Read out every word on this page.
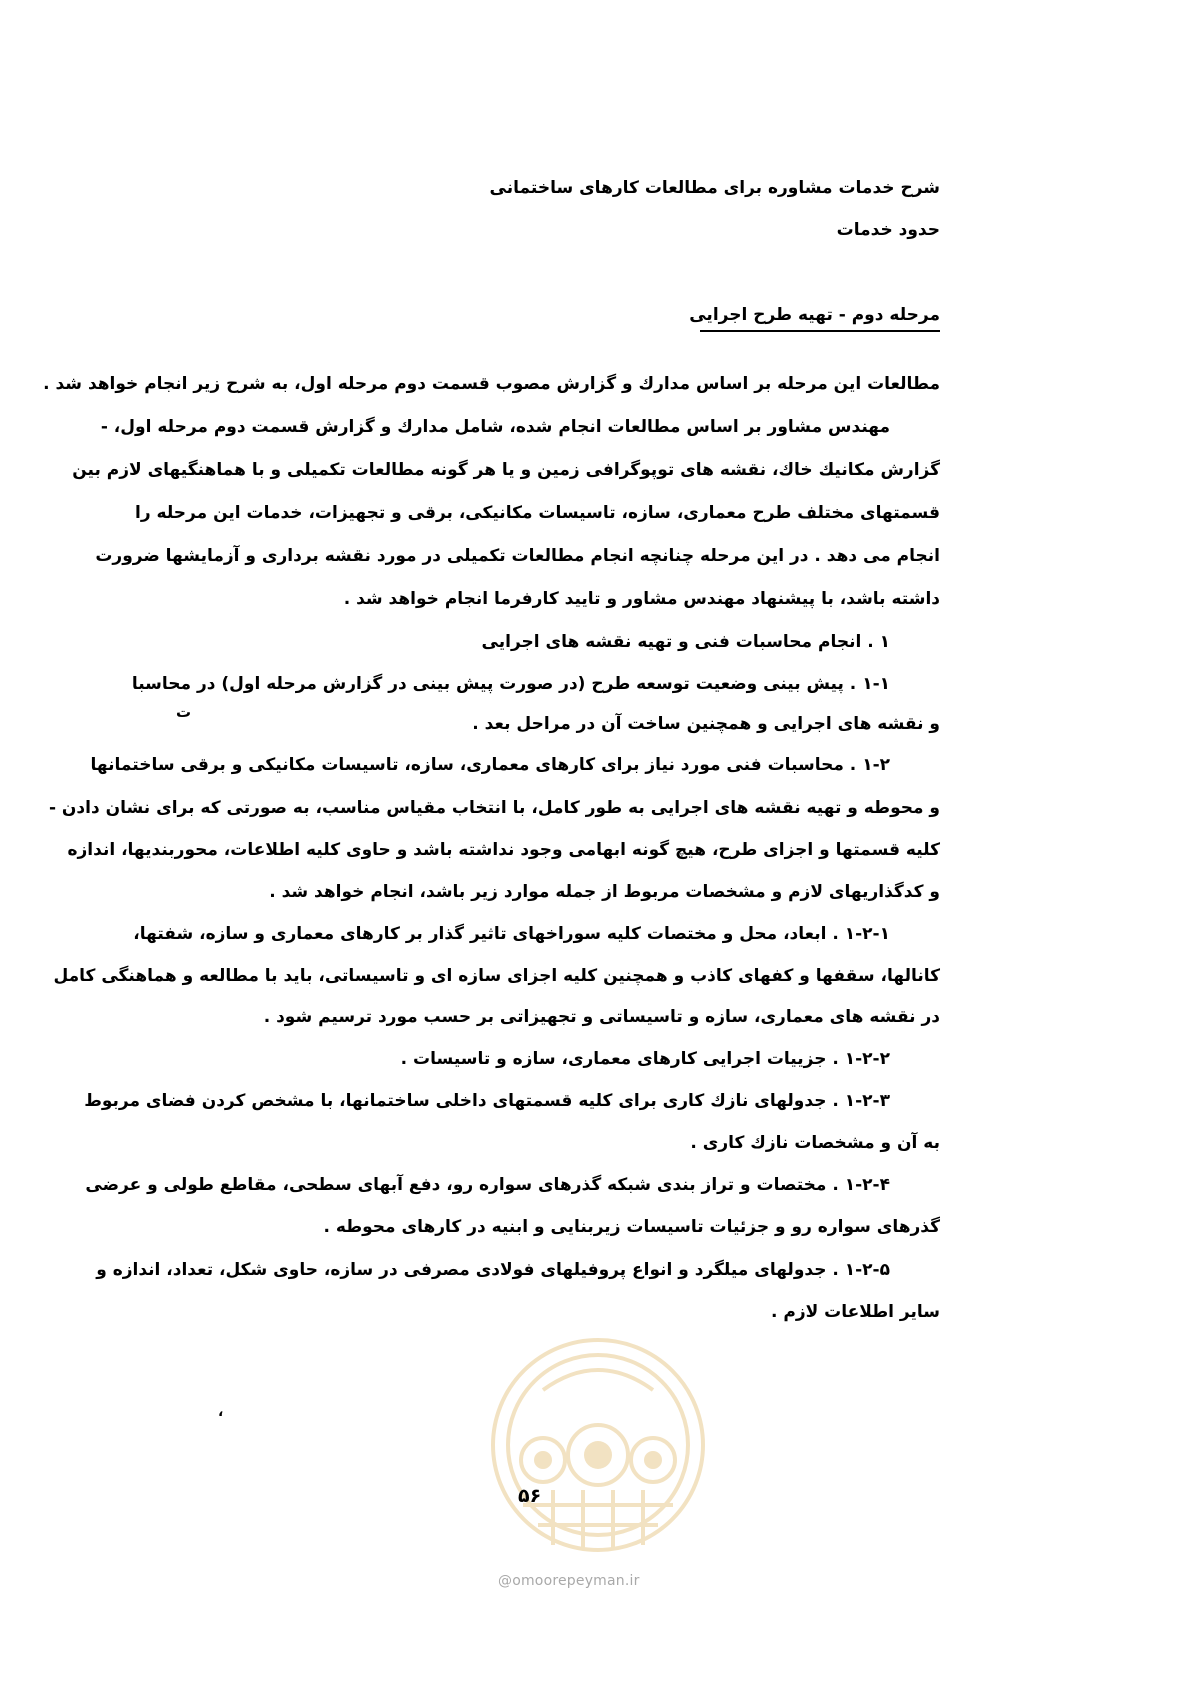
شرح خدمات مشاوره برای مطالعات کارهای ساختمانی
حدود خدمات
مرحله دوم - تهیه طرح اجرایی
مطالعات این مرحله بر اساس مدارك و گزارش مصوب قسمت دوم مرحله اول، به شرح زیر انجام خواهد شد .
مهندس مشاور بر اساس مطالعات انجام شده، شامل مدارك و گزارش قسمت دوم مرحله اول، -
گزارش مکانیك خاك، نقشه های توپوگرافی زمین و یا هر گونه مطالعات تکمیلی و با هماهنگیهای لازم بین
قسمتهای مختلف طرح معماری، سازه، تاسیسات مکانیکی، برقی و تجهیزات، خدمات این مرحله را
انجام می دهد . در این مرحله چنانچه انجام مطالعات تکمیلی در مورد نقشه برداری و آزمایشها ضرورت
داشته باشد، با پیشنهاد مهندس مشاور و تایید کارفرما انجام خواهد شد .
۱ . انجام محاسبات فنی و تهیه نقشه های اجرایی
۱-۱ . پیش بینی وضعیت توسعه طرح (در صورت پیش بینی در گزارش مرحله اول) در محاسبا
ت
و نقشه های اجرایی و همچنین ساخت آن در مراحل بعد .
۱-۲ . محاسبات فنی مورد نیاز برای کارهای معماری، سازه، تاسیسات مکانیکی و برقی ساختمانها
و محوطه و تهیه نقشه های اجرایی به طور کامل، با انتخاب مقیاس مناسب، به صورتی که برای نشان دادن -
کلیه قسمتها و اجزای طرح، هیچ گونه ابهامی وجود نداشته باشد و حاوی کلیه اطلاعات، محوربندیها، اندازه
و کدگذاریهای لازم و مشخصات مربوط از جمله موارد زیر باشد، انجام خواهد شد .
۱-۲-۱ . ابعاد، محل و مختصات کلیه سوراخهای تاثیر گذار بر کارهای معماری و سازه، شفتها،
کانالها، سقفها و کفهای کاذب و همچنین کلیه اجزای سازه ای و تاسیساتی، باید با مطالعه و هماهنگی کامل
در نقشه های معماری، سازه و تاسیساتی و تجهیزاتی بر حسب مورد ترسیم شود .
۱-۲-۲ . جزییات اجرایی کارهای معماری، سازه و تاسیسات .
۱-۲-۳ . جدولهای نازك کاری برای کلیه قسمتهای داخلی ساختمانها، با مشخص کردن فضای مربوط
به آن و مشخصات نازك کاری .
۱-۲-۴ . مختصات و تراز بندی شبکه گذرهای سواره رو، دفع آبهای سطحی، مقاطع طولی و عرضی
گذرهای سواره رو و جزئیات تاسیسات زیربنایی و ابنیه در کارهای محوطه .
۱-۲-۵ . جدولهای میلگرد و انواع پروفیلهای فولادی مصرفی در سازه، حاوی شکل، تعداد، اندازه و
سایر اطلاعات لازم .
،
۵۶
@omoorepeyman.ir
